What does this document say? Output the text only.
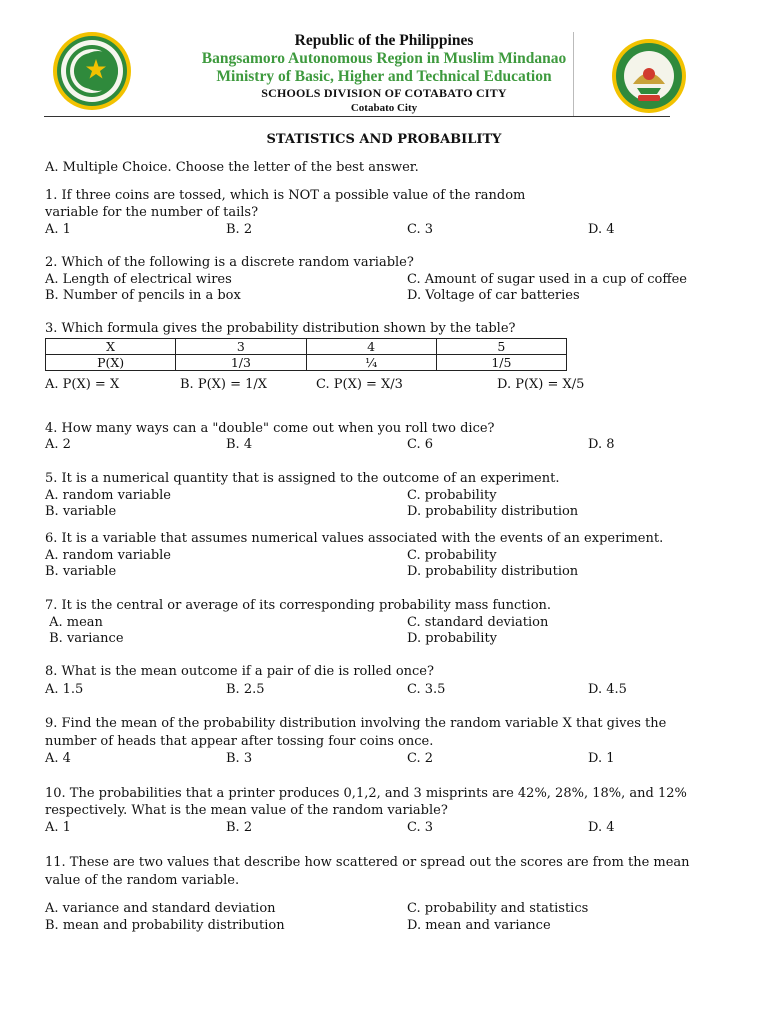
Republic of the Philippines
Bangsamoro Autonomous Region in Muslim Mindanao
Ministry of Basic, Higher and Technical Education
SCHOOLS DIVISION OF COTABATO CITY
Cotabato City
STATISTICS AND PROBABILITY
A. Multiple Choice. Choose the letter of the best answer.
1. If three coins are tossed, which is NOT a possible value of the random
variable for the number of tails?
A. 1	B. 2	C. 3	D. 4
2. Which of the following is a discrete random variable?
A. Length of electrical wires
B. Number of pencils in a box
C. Amount of sugar used in a cup of coffee
D. Voltage of car batteries
3. Which formula gives the probability distribution shown by the table?
X	3	4	5
P(X)	1/3	¼	1/5
A. P(X) = X	B. P(X) = 1/X	C. P(X) = X/3	D. P(X) = X/5
4. How many ways can a "double" come out when you roll two dice?
A. 2	B. 4	C. 6	D. 8
5. It is a numerical quantity that is assigned to the outcome of an experiment.
A. random variable
B. variable
C. probability
D. probability distribution
6. It is a variable that assumes numerical values associated with the events of an experiment.
A. random variable
B. variable
C. probability
D. probability distribution
7. It is the central or average of its corresponding probability mass function.
A. mean
B. variance
C. standard deviation
D. probability
8. What is the mean outcome if a pair of die is rolled once?
A. 1.5	B. 2.5	C. 3.5	D. 4.5
9. Find the mean of the probability distribution involving the random variable X that gives the
number of heads that appear after tossing four coins once.
A. 4	B. 3	C. 2	D. 1
10. The probabilities that a printer produces 0,1,2, and 3 misprints are 42%, 28%, 18%, and 12%
respectively. What is the mean value of the random variable?
A. 1	B. 2	C. 3	D. 4
11. These are two values that describe how scattered or spread out the scores are from the mean
value of the random variable.
A. variance and standard deviation
B. mean and probability distribution
C. probability and statistics
D. mean and variance
